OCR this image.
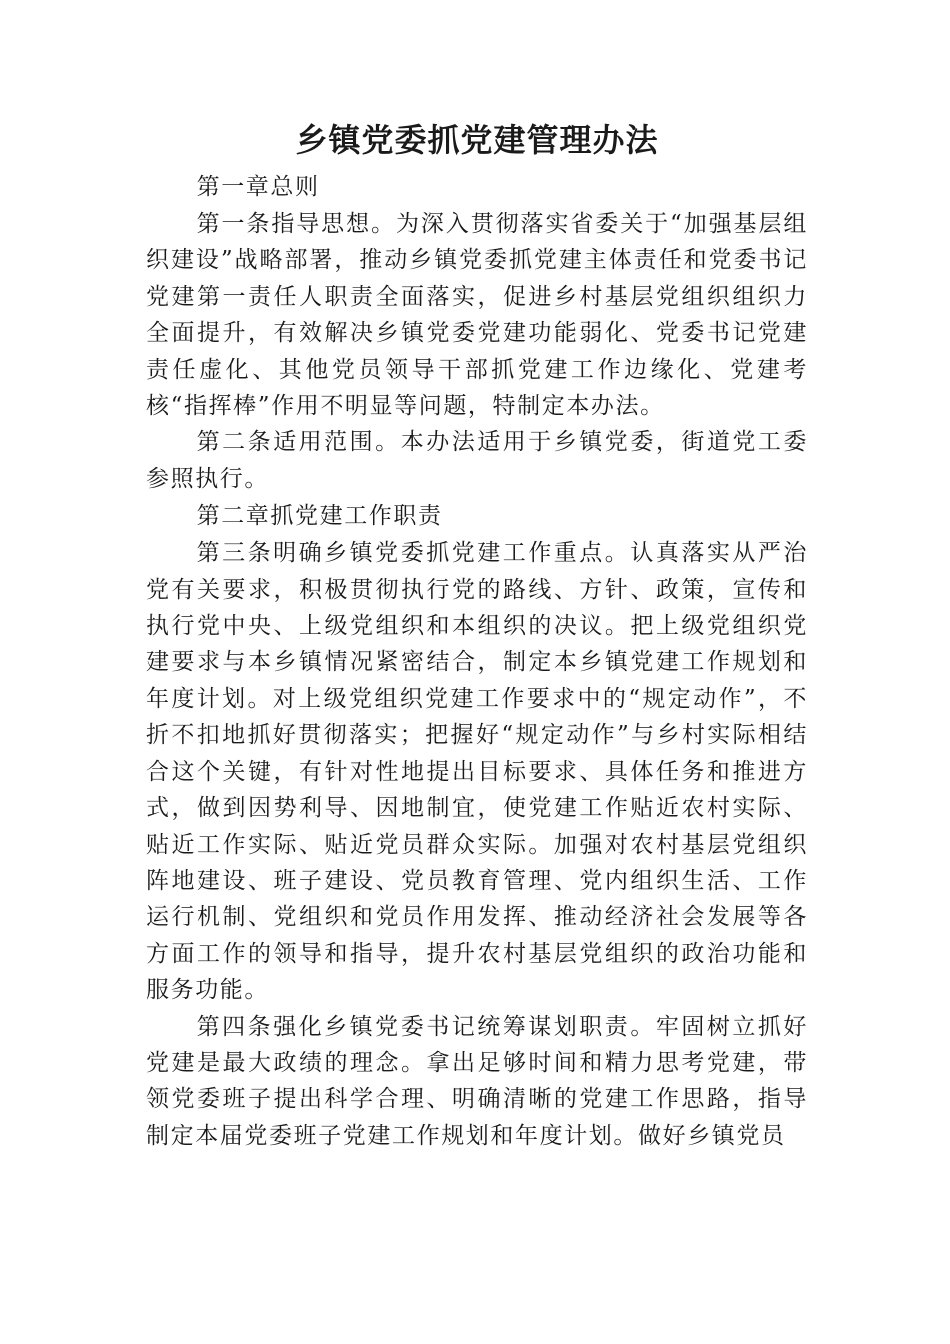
乡镇党委抓党建管理办法

第一章总则

第一条指导思想。为深入贯彻落实省委关于“加强基层组织建设”战略部署，推动乡镇党委抓党建主体责任和党委书记党建第一责任人职责全面落实，促进乡村基层党组织组织力全面提升，有效解决乡镇党委党建功能弱化、党委书记党建责任虚化、其他党员领导干部抓党建工作边缘化、党建考核“指挥棒”作用不明显等问题，特制定本办法。

第二条适用范围。本办法适用于乡镇党委，街道党工委参照执行。

第二章抓党建工作职责

第三条明确乡镇党委抓党建工作重点。认真落实从严治党有关要求，积极贯彻执行党的路线、方针、政策，宣传和执行党中央、上级党组织和本组织的决议。把上级党组织党建要求与本乡镇情况紧密结合，制定本乡镇党建工作规划和年度计划。对上级党组织党建工作要求中的“规定动作”，不折不扣地抓好贯彻落实；把握好“规定动作”与乡村实际相结合这个关键，有针对性地提出目标要求、具体任务和推进方式，做到因势利导、因地制宜，使党建工作贴近农村实际、贴近工作实际、贴近党员群众实际。加强对农村基层党组织阵地建设、班子建设、党员教育管理、党内组织生活、工作运行机制、党组织和党员作用发挥、推动经济社会发展等各方面工作的领导和指导，提升农村基层党组织的政治功能和服务功能。

第四条强化乡镇党委书记统筹谋划职责。牢固树立抓好党建是最大政绩的理念。拿出足够时间和精力思考党建，带领党委班子提出科学合理、明确清晰的党建工作思路，指导制定本届党委班子党建工作规划和年度计划。做好乡镇党员
